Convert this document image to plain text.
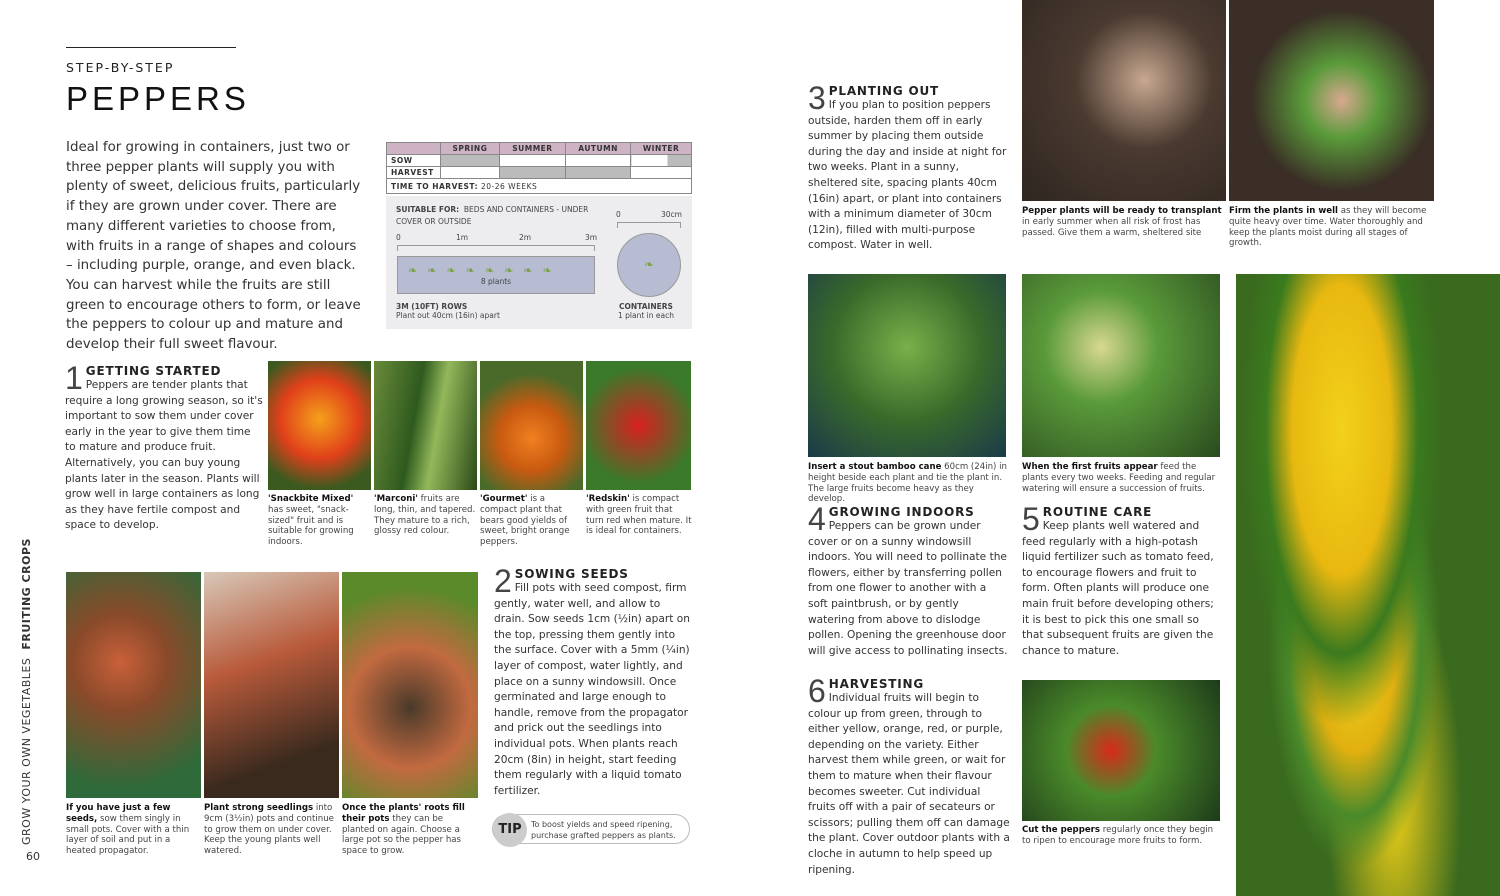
STEP-BY-STEP
PEPPERS
Ideal for growing in containers, just two or three pepper plants will supply you with plenty of sweet, delicious fruits, particularly if they are grown under cover. There are many different varieties to choose from, with fruits in a range of shapes and colours – including purple, orange, and even black. You can harvest while the fruits are still green to encourage others to form, or leave the peppers to colour up and mature and develop their full sweet flavour.
	SPRING	SUMMER	AUTUMN	WINTER
SOW				
HARVEST				
TIME TO HARVEST: 20-26 WEEKS				
SUITABLE FOR: BEDS AND CONTAINERS - UNDER COVER OR OUTSIDE
0	1m	2m	3m
❧❧❧❧❧❧❧❧
8 plants
3M (10FT) ROWS
Plant out 40cm (16in) apart
0	30cm
❧
CONTAINERS
1 plant in each
1 GETTING STARTED
Peppers are tender plants that require a long growing season, so it's important to sow them under cover early in the year to give them time to mature and produce fruit. Alternatively, you can buy young plants later in the season. Plants will grow well in large containers as long as they have fertile compost and space to develop.
'Snackbite Mixed' has sweet, "snack-sized" fruit and is suitable for growing indoors.
'Marconi' fruits are long, thin, and tapered. They mature to a rich, glossy red colour.
'Gourmet' is a compact plant that bears good yields of sweet, bright orange peppers.
'Redskin' is compact with green fruit that turn red when mature. It is ideal for containers.
If you have just a few seeds, sow them singly in small pots. Cover with a thin layer of soil and put in a heated propagator.
Plant strong seedlings into 9cm (3½in) pots and continue to grow them on under cover. Keep the young plants well watered.
Once the plants' roots fill their pots they can be planted on again. Choose a large pot so the pepper has space to grow.
2 SOWING SEEDS
Fill pots with seed compost, firm gently, water well, and allow to drain. Sow seeds 1cm (½in) apart on the top, pressing them gently into the surface. Cover with a 5mm (¼in) layer of compost, water lightly, and place on a sunny windowsill. Once germinated and large enough to handle, remove from the propagator and prick out the seedlings into individual pots. When plants reach 20cm (8in) in height, start feeding them regularly with a liquid tomato fertilizer.
TIP	To boost yields and speed ripening, purchase grafted peppers as plants.
GROW YOUR OWN VEGETABLES  FRUITING CROPS
60
3 PLANTING OUT
If you plan to position peppers outside, harden them off in early summer by placing them outside during the day and inside at night for two weeks. Plant in a sunny, sheltered site, spacing plants 40cm (16in) apart, or plant into containers with a minimum diameter of 30cm (12in), filled with multi-purpose compost. Water in well.
Pepper plants will be ready to transplant in early summer when all risk of frost has passed. Give them a warm, sheltered site
Firm the plants in well as they will become quite heavy over time. Water thoroughly and keep the plants moist during all stages of growth.
Insert a stout bamboo cane 60cm (24in) in height beside each plant and tie the plant in. The large fruits become heavy as they develop.
When the first fruits appear feed the plants every two weeks. Feeding and regular watering will ensure a succession of fruits.
4 GROWING INDOORS
Peppers can be grown under cover or on a sunny windowsill indoors. You will need to pollinate the flowers, either by transferring pollen from one flower to another with a soft paintbrush, or by gently watering from above to dislodge pollen. Opening the greenhouse door will give access to pollinating insects.
5 ROUTINE CARE
Keep plants well watered and feed regularly with a high-potash liquid fertilizer such as tomato feed, to encourage flowers and fruit to form. Often plants will produce one main fruit before developing others; it is best to pick this one small so that subsequent fruits are given the chance to mature.
6 HARVESTING
Individual fruits will begin to colour up from green, through to either yellow, orange, red, or purple, depending on the variety. Either harvest them while green, or wait for them to mature when their flavour becomes sweeter. Cut individual fruits off with a pair of secateurs or scissors; pulling them off can damage the plant. Cover outdoor plants with a cloche in autumn to help speed up ripening.
Cut the peppers regularly once they begin to ripen to encourage more fruits to form.
